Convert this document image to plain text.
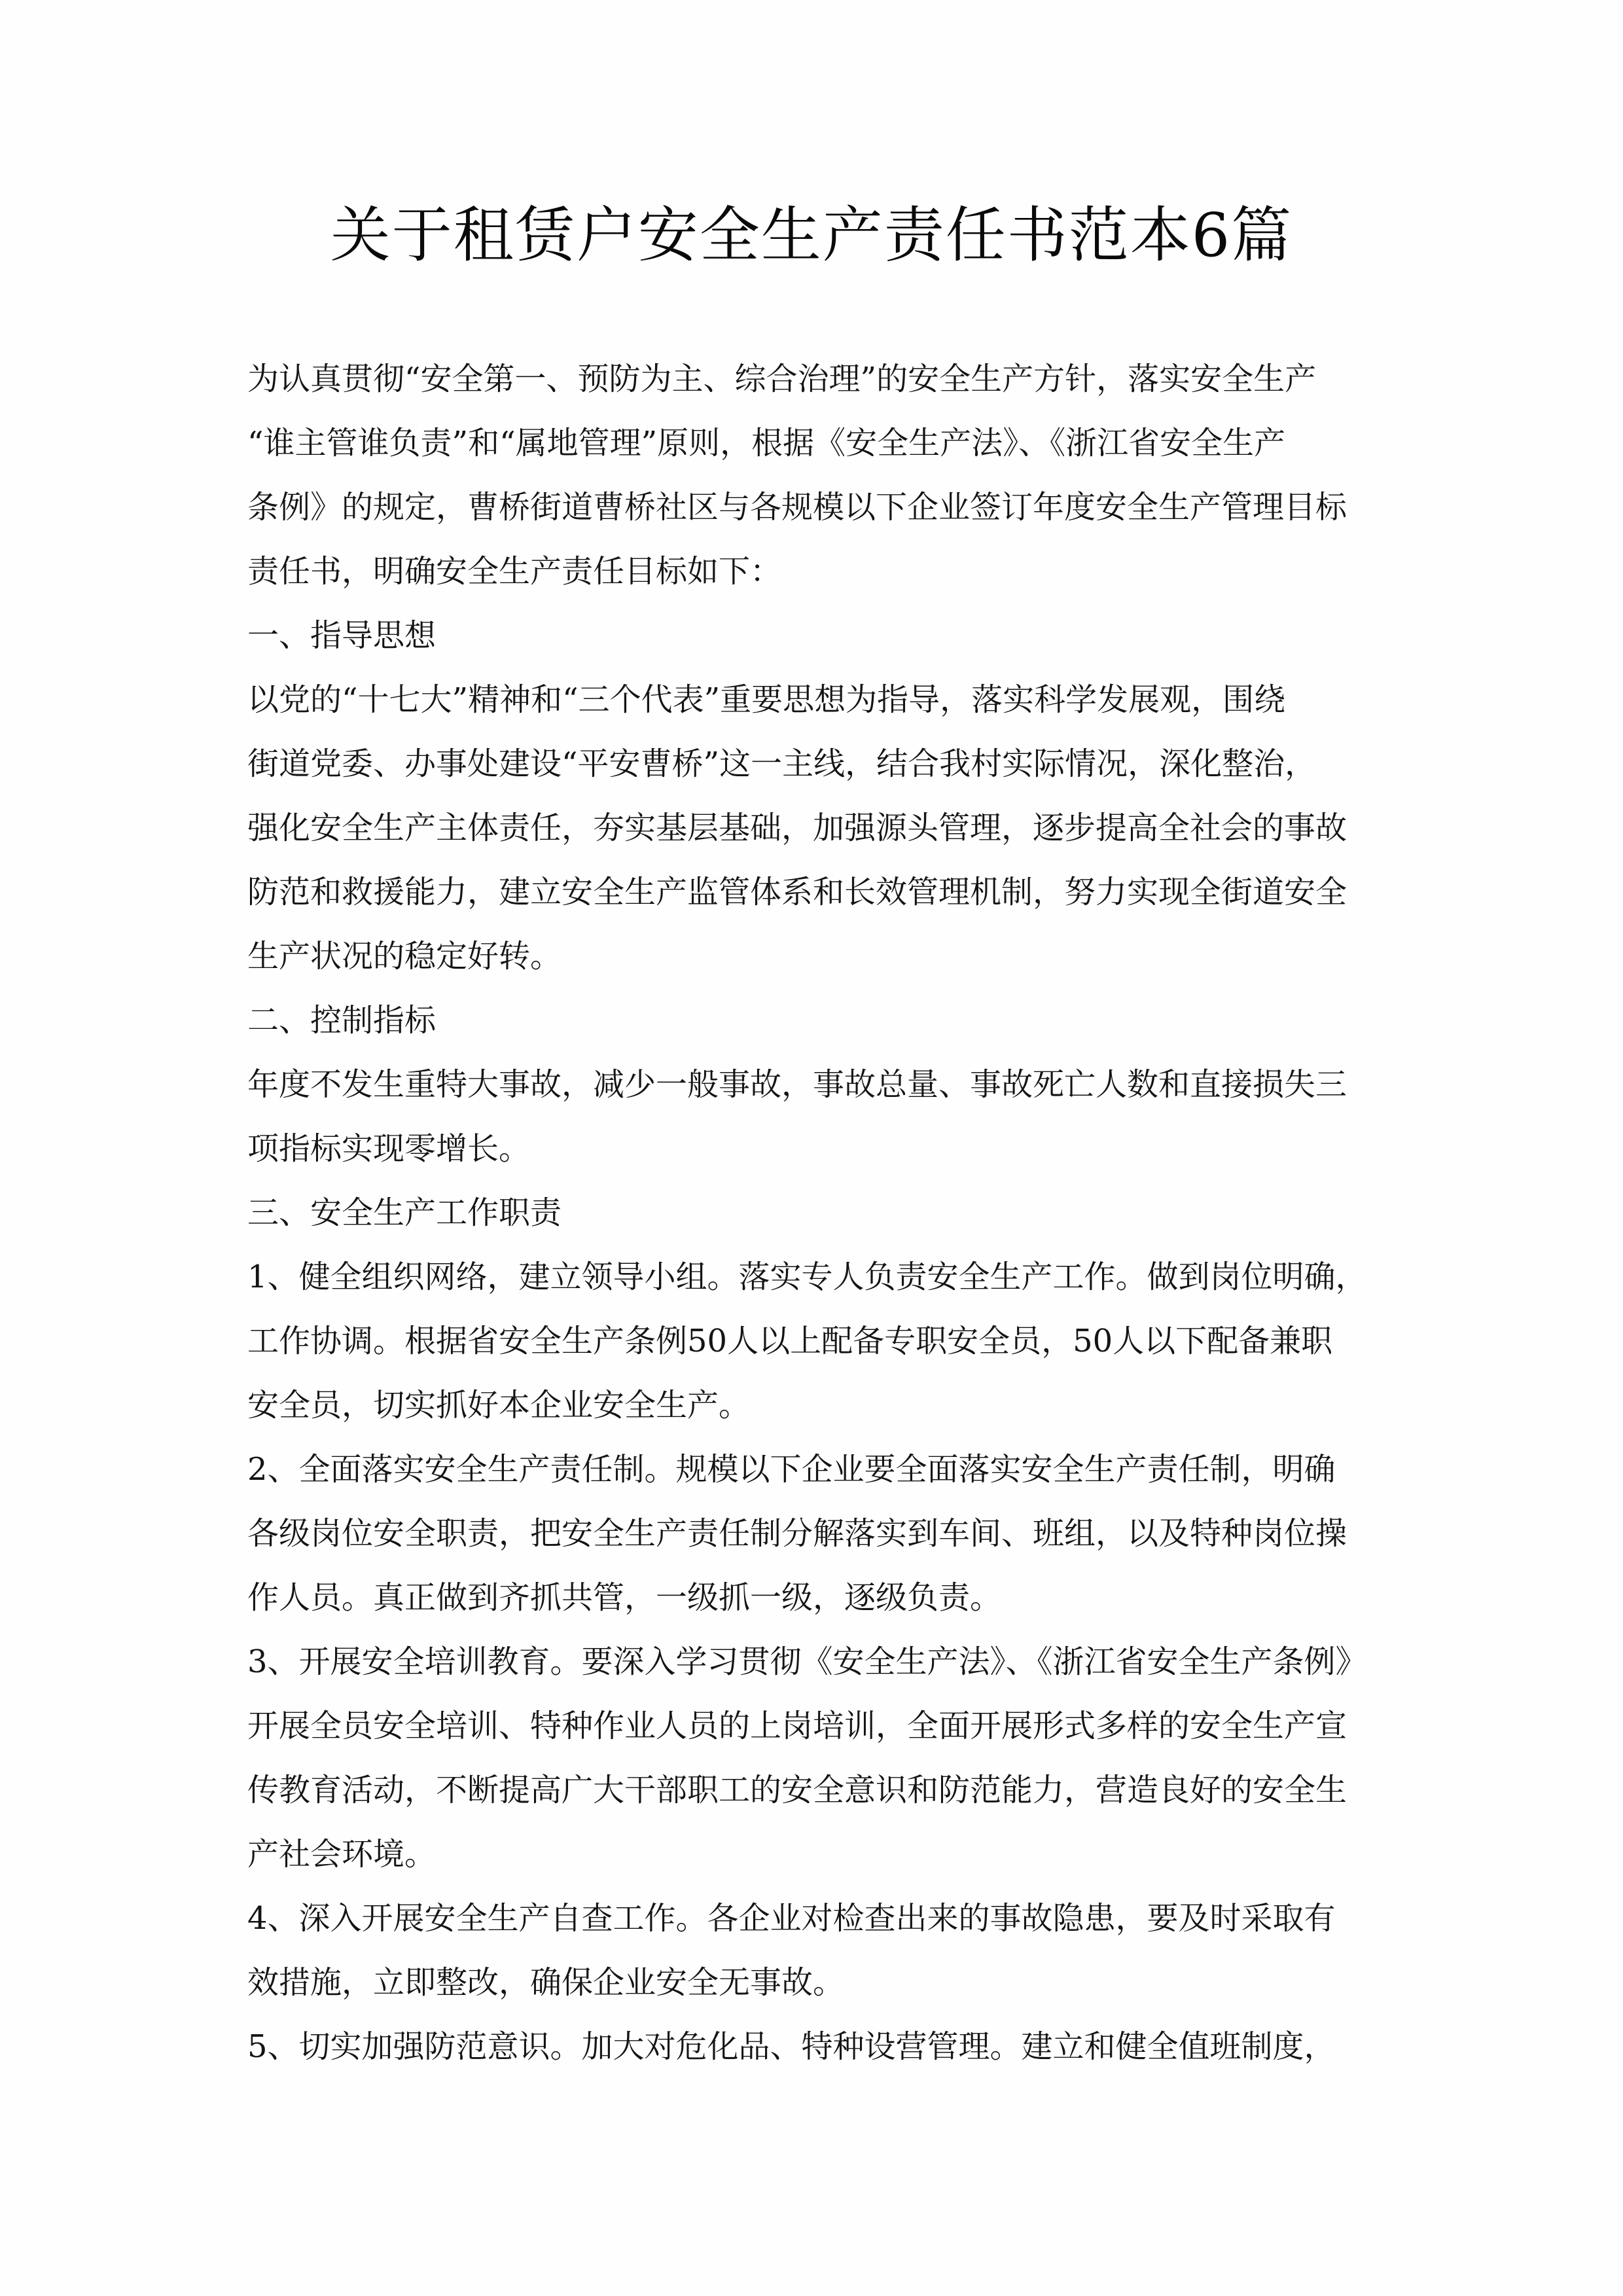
关于租赁户安全生产责任书范本6篇
为认真贯彻“安全第一、预防为主、综合治理”的安全生产方针，落实安全生产
“谁主管谁负责”和“属地管理”原则，根据《安全生产法》、《浙江省安全生产
条例》的规定，曹桥街道曹桥社区与各规模以下企业签订年度安全生产管理目标
责任书，明确安全生产责任目标如下：
一、指导思想
以党的“十七大”精神和“三个代表”重要思想为指导，落实科学发展观，围绕
街道党委、办事处建设“平安曹桥”这一主线，结合我村实际情况，深化整治，
强化安全生产主体责任，夯实基层基础，加强源头管理，逐步提高全社会的事故
防范和救援能力，建立安全生产监管体系和长效管理机制，努力实现全街道安全
生产状况的稳定好转。
二、控制指标
年度不发生重特大事故，减少一般事故，事故总量、事故死亡人数和直接损失三
项指标实现零增长。
三、安全生产工作职责
1、健全组织网络，建立领导小组。落实专人负责安全生产工作。做到岗位明确，
工作协调。根据省安全生产条例50人以上配备专职安全员，50人以下配备兼职
安全员，切实抓好本企业安全生产。
2、全面落实安全生产责任制。规模以下企业要全面落实安全生产责任制，明确
各级岗位安全职责，把安全生产责任制分解落实到车间、班组，以及特种岗位操
作人员。真正做到齐抓共管，一级抓一级，逐级负责。
3、开展安全培训教育。要深入学习贯彻《安全生产法》、《浙江省安全生产条例》
开展全员安全培训、特种作业人员的上岗培训，全面开展形式多样的安全生产宣
传教育活动，不断提高广大干部职工的安全意识和防范能力，营造良好的安全生
产社会环境。
4、深入开展安全生产自查工作。各企业对检查出来的事故隐患，要及时采取有
效措施，立即整改，确保企业安全无事故。
5、切实加强防范意识。加大对危化品、特种设营管理。建立和健全值班制度，
